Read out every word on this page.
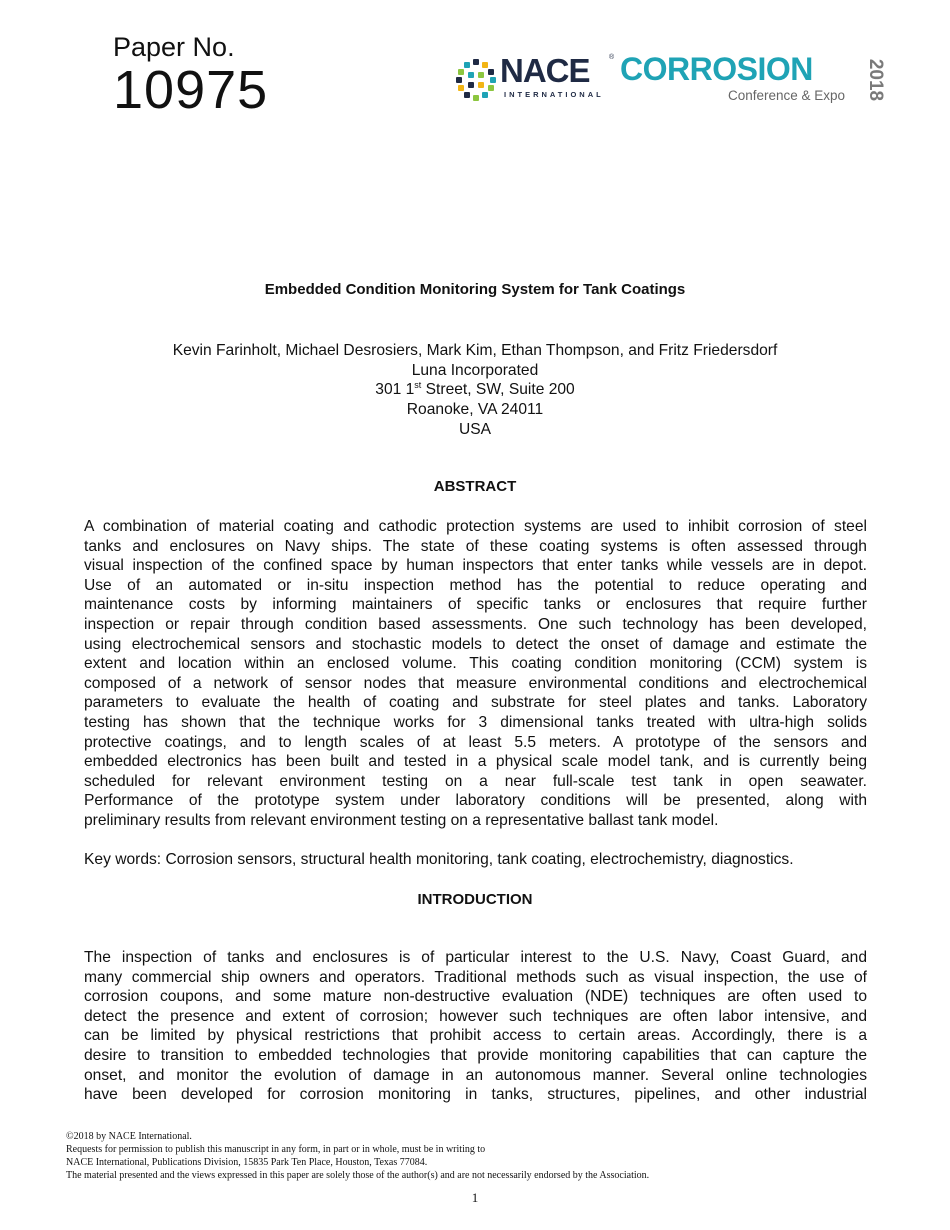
Paper No.
10975	NACE	®
INTERNATIONAL
CORROSION
Conference & Expo 2018
Embedded Condition Monitoring System for Tank Coatings
Kevin Farinholt, Michael Desrosiers, Mark Kim, Ethan Thompson, and Fritz Friedersdorf
Luna Incorporated
301 1st Street, SW, Suite 200
Roanoke, VA 24011
USA
ABSTRACT
A combination of material coating and cathodic protection systems are used to inhibit corrosion of steel
tanks and enclosures on Navy ships. The state of these coating systems is often assessed through
visual inspection of the confined space by human inspectors that enter tanks while vessels are in depot.
Use of an automated or in-situ inspection method has the potential to reduce operating and
maintenance costs by informing maintainers of specific tanks or enclosures that require further
inspection or repair through condition based assessments. One such technology has been developed,
using electrochemical sensors and stochastic models to detect the onset of damage and estimate the
extent and location within an enclosed volume. This coating condition monitoring (CCM) system is
composed of a network of sensor nodes that measure environmental conditions and electrochemical
parameters to evaluate the health of coating and substrate for steel plates and tanks. Laboratory
testing has shown that the technique works for 3 dimensional tanks treated with ultra-high solids
protective coatings, and to length scales of at least 5.5 meters. A prototype of the sensors and
embedded electronics has been built and tested in a physical scale model tank, and is currently being
scheduled for relevant environment testing on a near full-scale test tank in open seawater.
Performance of the prototype system under laboratory conditions will be presented, along with
preliminary results from relevant environment testing on a representative ballast tank model.
Key words: Corrosion sensors, structural health monitoring, tank coating, electrochemistry, diagnostics.
INTRODUCTION
The inspection of tanks and enclosures is of particular interest to the U.S. Navy, Coast Guard, and
many commercial ship owners and operators. Traditional methods such as visual inspection, the use of
corrosion coupons, and some mature non-destructive evaluation (NDE) techniques are often used to
detect the presence and extent of corrosion; however such techniques are often labor intensive, and
can be limited by physical restrictions that prohibit access to certain areas. Accordingly, there is a
desire to transition to embedded technologies that provide monitoring capabilities that can capture the
onset, and monitor the evolution of damage in an autonomous manner. Several online technologies
have been developed for corrosion monitoring in tanks, structures, pipelines, and other industrial
©2018 by NACE International.
Requests for permission to publish this manuscript in any form, in part or in whole, must be in writing to
NACE International, Publications Division, 15835 Park Ten Place, Houston, Texas 77084.
The material presented and the views expressed in this paper are solely those of the author(s) and are not necessarily endorsed by the Association.
1
